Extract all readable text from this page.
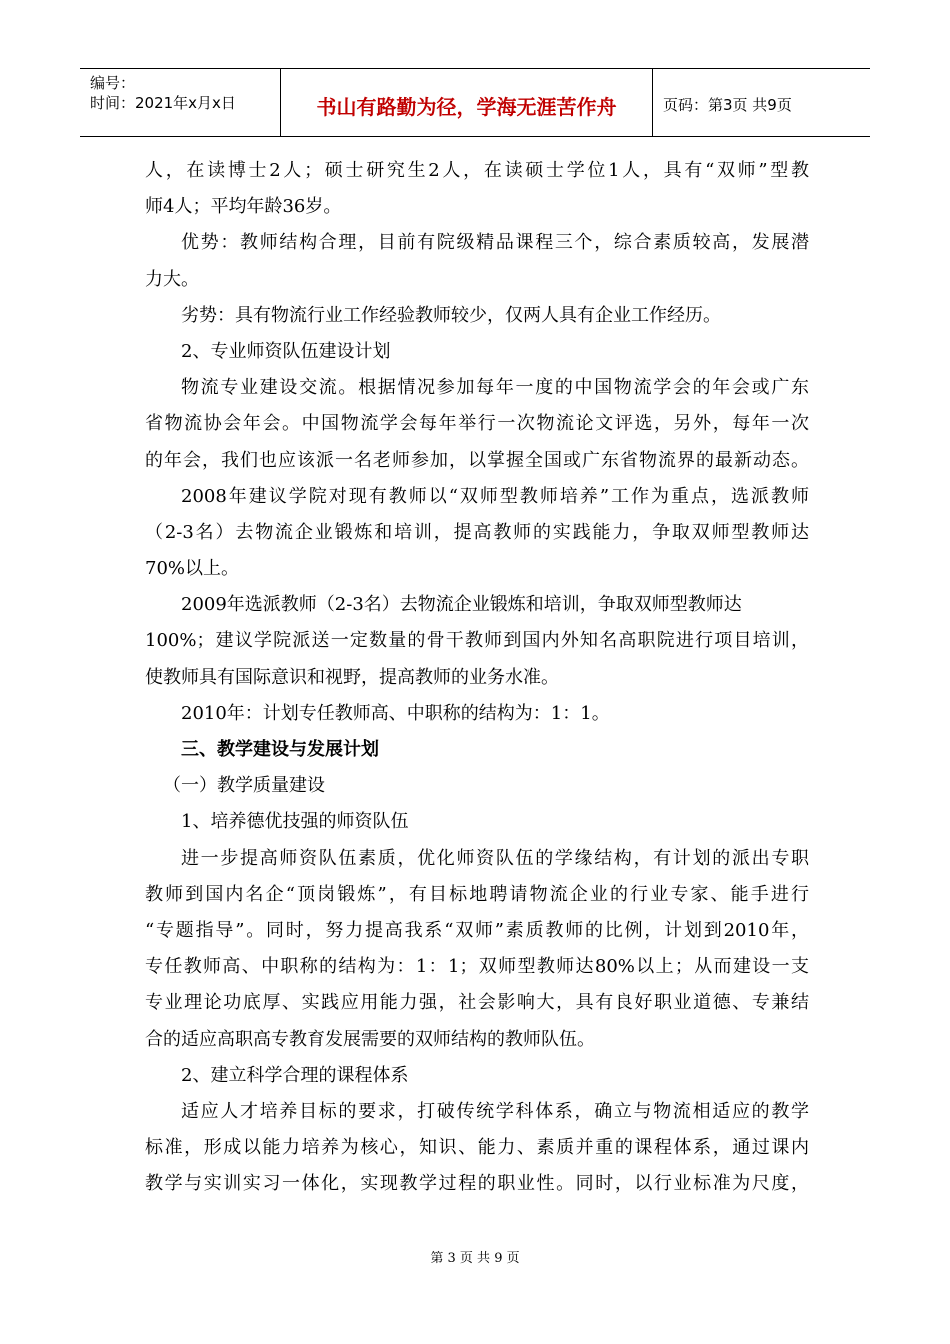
编号：
时间：2021年x月x日	书山有路勤为径，学海无涯苦作舟	页码：第3页 共9页
人，在读博士2人；硕士研究生2人，在读硕士学位1人，具有“双师”型教
师4人；平均年龄36岁。
优势：教师结构合理，目前有院级精品课程三个，综合素质较高，发展潜
力大。
劣势：具有物流行业工作经验教师较少，仅两人具有企业工作经历。
2、专业师资队伍建设计划
物流专业建设交流。根据情况参加每年一度的中国物流学会的年会或广东
省物流协会年会。中国物流学会每年举行一次物流论文评选，另外，每年一次
的年会，我们也应该派一名老师参加，以掌握全国或广东省物流界的最新动态。
2008年建议学院对现有教师以“双师型教师培养”工作为重点，选派教师
（2-3名）去物流企业锻炼和培训，提高教师的实践能力，争取双师型教师达
70%以上。
2009年选派教师（2-3名）去物流企业锻炼和培训，争取双师型教师达
100%；建议学院派送一定数量的骨干教师到国内外知名高职院进行项目培训，
使教师具有国际意识和视野，提高教师的业务水准。
2010年：计划专任教师高、中职称的结构为：1：1。
三、教学建设与发展计划
（一）教学质量建设
1、培养德优技强的师资队伍
进一步提高师资队伍素质，优化师资队伍的学缘结构，有计划的派出专职
教师到国内名企“顶岗锻炼”，有目标地聘请物流企业的行业专家、能手进行
“专题指导”。同时，努力提高我系“双师”素质教师的比例，计划到2010年，
专任教师高、中职称的结构为：1：1；双师型教师达80%以上；从而建设一支
专业理论功底厚、实践应用能力强，社会影响大，具有良好职业道德、专兼结
合的适应高职高专教育发展需要的双师结构的教师队伍。
2、建立科学合理的课程体系
适应人才培养目标的要求，打破传统学科体系，确立与物流相适应的教学
标准，形成以能力培养为核心，知识、能力、素质并重的课程体系，通过课内
教学与实训实习一体化，实现教学过程的职业性。同时，以行业标准为尺度，
第 3 页 共 9 页
